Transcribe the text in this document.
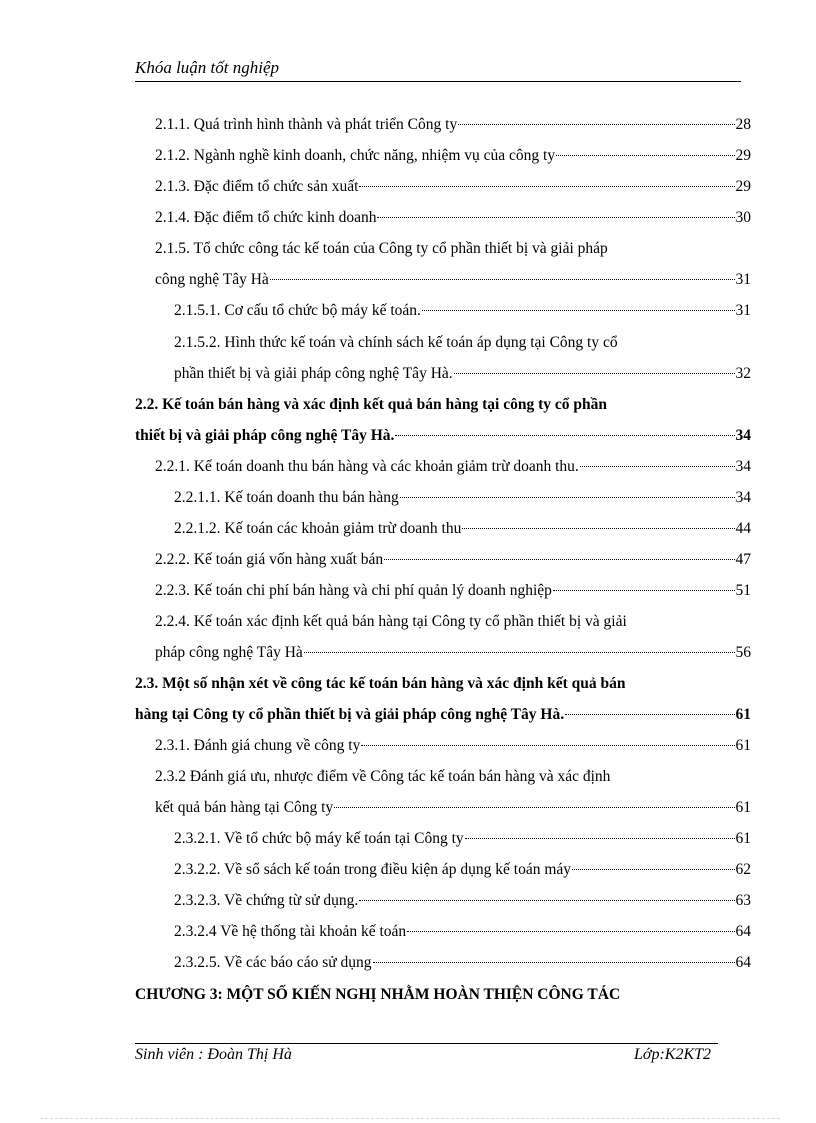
Khóa luận tốt nghiệp
2.1.1. Quá trình hình thành và phát triển Công ty	28
2.1.2. Ngành nghề kinh doanh, chức năng, nhiệm vụ của công ty	29
2.1.3. Đặc điểm tổ chức sản xuất	29
2.1.4. Đặc điểm tổ chức kinh doanh	30
2.1.5. Tổ chức công tác kế toán của Công ty cổ phần thiết bị và giải pháp
công nghệ Tây Hà	31
2.1.5.1. Cơ cấu tổ chức bộ máy kế toán.	31
2.1.5.2. Hình thức kế toán và chính sách kế toán áp dụng tại Công ty cổ
phần thiết bị và giải pháp công nghệ Tây Hà.	32
2.2. Kế toán bán hàng và xác định kết quả bán hàng tại công ty cổ phần
thiết bị và giải pháp công nghệ Tây Hà.	34
2.2.1. Kế toán doanh thu bán hàng và các khoản giảm trừ doanh thu.	34
2.2.1.1. Kế toán doanh thu bán hàng	34
2.2.1.2. Kế toán các khoản giảm trừ doanh thu	44
2.2.2. Kế toán giá vốn hàng xuất bán	47
2.2.3. Kế toán chi phí bán hàng và chi phí quản lý doanh nghiệp	51
2.2.4. Kế toán xác định kết quả bán hàng tại Công ty cổ phần thiết bị và giải
pháp công nghệ Tây Hà	56
2.3. Một số nhận xét về công tác kế toán bán hàng và xác định kết quả bán
hàng tại Công ty cổ phần thiết bị và giải pháp công nghệ Tây Hà.	61
2.3.1. Đánh giá chung về công ty	61
2.3.2 Đánh giá ưu, nhược điểm về Công tác kế toán bán hàng và xác định
kết quả bán hàng tại Công ty	61
2.3.2.1. Về tổ chức bộ máy kế toán tại Công ty	61
2.3.2.2. Về sổ sách kế toán trong điều kiện áp dụng kế toán máy	62
2.3.2.3. Về chứng từ sử dụng.	63
2.3.2.4 Về hệ thống tài khoản kế toán	64
2.3.2.5. Về các báo cáo sử dụng	64
CHƯƠNG 3: MỘT SỐ KIẾN NGHỊ NHẰM HOÀN THIỆN CÔNG TÁC
Sinh viên : Đoàn Thị Hà	Lớp:K2KT2
